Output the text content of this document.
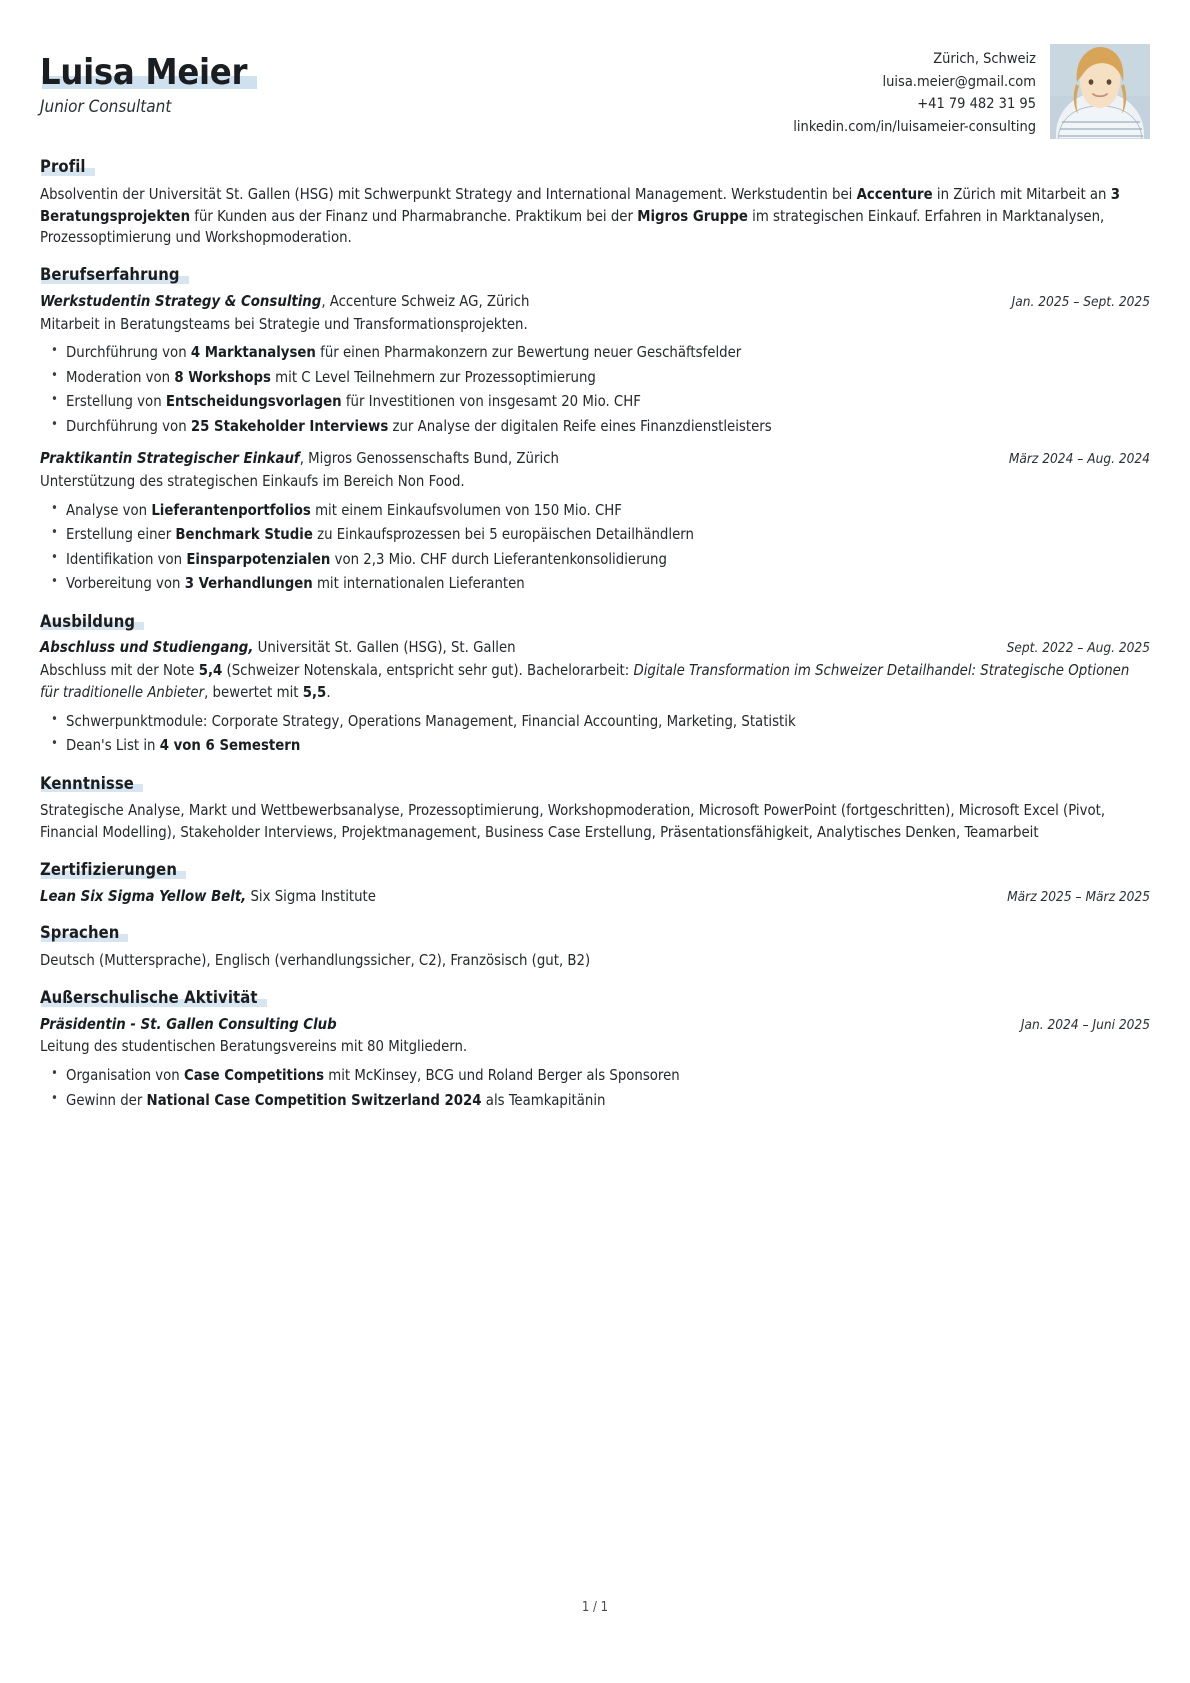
Luisa Meier
Junior Consultant
Zürich, Schweiz
luisa.meier@gmail.com
+41 79 482 31 95
linkedin.com/in/luisameier-consulting
Profil
Absolventin der Universität St. Gallen (HSG) mit Schwerpunkt Strategy and International Management. Werkstudentin bei Accenture in Zürich mit Mitarbeit an 3 Beratungsprojekten für Kunden aus der Finanz und Pharmabranche. Praktikum bei der Migros Gruppe im strategischen Einkauf. Erfahren in Marktanalysen, Prozessoptimierung und Workshopmoderation.
Berufserfahrung
Werkstudentin Strategy & Consulting, Accenture Schweiz AG, Zürich	Jan. 2025 – Sept. 2025
Mitarbeit in Beratungsteams bei Strategie und Transformationsprojekten.
• Durchführung von 4 Marktanalysen für einen Pharmakonzern zur Bewertung neuer Geschäftsfelder
• Moderation von 8 Workshops mit C Level Teilnehmern zur Prozessoptimierung
• Erstellung von Entscheidungsvorlagen für Investitionen von insgesamt 20 Mio. CHF
• Durchführung von 25 Stakeholder Interviews zur Analyse der digitalen Reife eines Finanzdienstleisters
Praktikantin Strategischer Einkauf, Migros Genossenschafts Bund, Zürich	März 2024 – Aug. 2024
Unterstützung des strategischen Einkaufs im Bereich Non Food.
• Analyse von Lieferantenportfolios mit einem Einkaufsvolumen von 150 Mio. CHF
• Erstellung einer Benchmark Studie zu Einkaufsprozessen bei 5 europäischen Detailhändlern
• Identifikation von Einsparpotenzialen von 2,3 Mio. CHF durch Lieferantenkonsolidierung
• Vorbereitung von 3 Verhandlungen mit internationalen Lieferanten
Ausbildung
Abschluss und Studiengang, Universität St. Gallen (HSG), St. Gallen	Sept. 2022 – Aug. 2025
Abschluss mit der Note 5,4 (Schweizer Notenskala, entspricht sehr gut). Bachelorarbeit: Digitale Transformation im Schweizer Detailhandel: Strategische Optionen für traditionelle Anbieter, bewertet mit 5,5.
• Schwerpunktmodule: Corporate Strategy, Operations Management, Financial Accounting, Marketing, Statistik
• Dean's List in 4 von 6 Semestern
Kenntnisse
Strategische Analyse, Markt und Wettbewerbsanalyse, Prozessoptimierung, Workshopmoderation, Microsoft PowerPoint (fortgeschritten), Microsoft Excel (Pivot, Financial Modelling), Stakeholder Interviews, Projektmanagement, Business Case Erstellung, Präsentationsfähigkeit, Analytisches Denken, Teamarbeit
Zertifizierungen
Lean Six Sigma Yellow Belt, Six Sigma Institute	März 2025 – März 2025
Sprachen
Deutsch (Muttersprache), Englisch (verhandlungssicher, C2), Französisch (gut, B2)
Außerschulische Aktivität
Präsidentin - St. Gallen Consulting Club	Jan. 2024 – Juni 2025
Leitung des studentischen Beratungsvereins mit 80 Mitgliedern.
• Organisation von Case Competitions mit McKinsey, BCG und Roland Berger als Sponsoren
• Gewinn der National Case Competition Switzerland 2024 als Teamkapitänin
1 / 1
